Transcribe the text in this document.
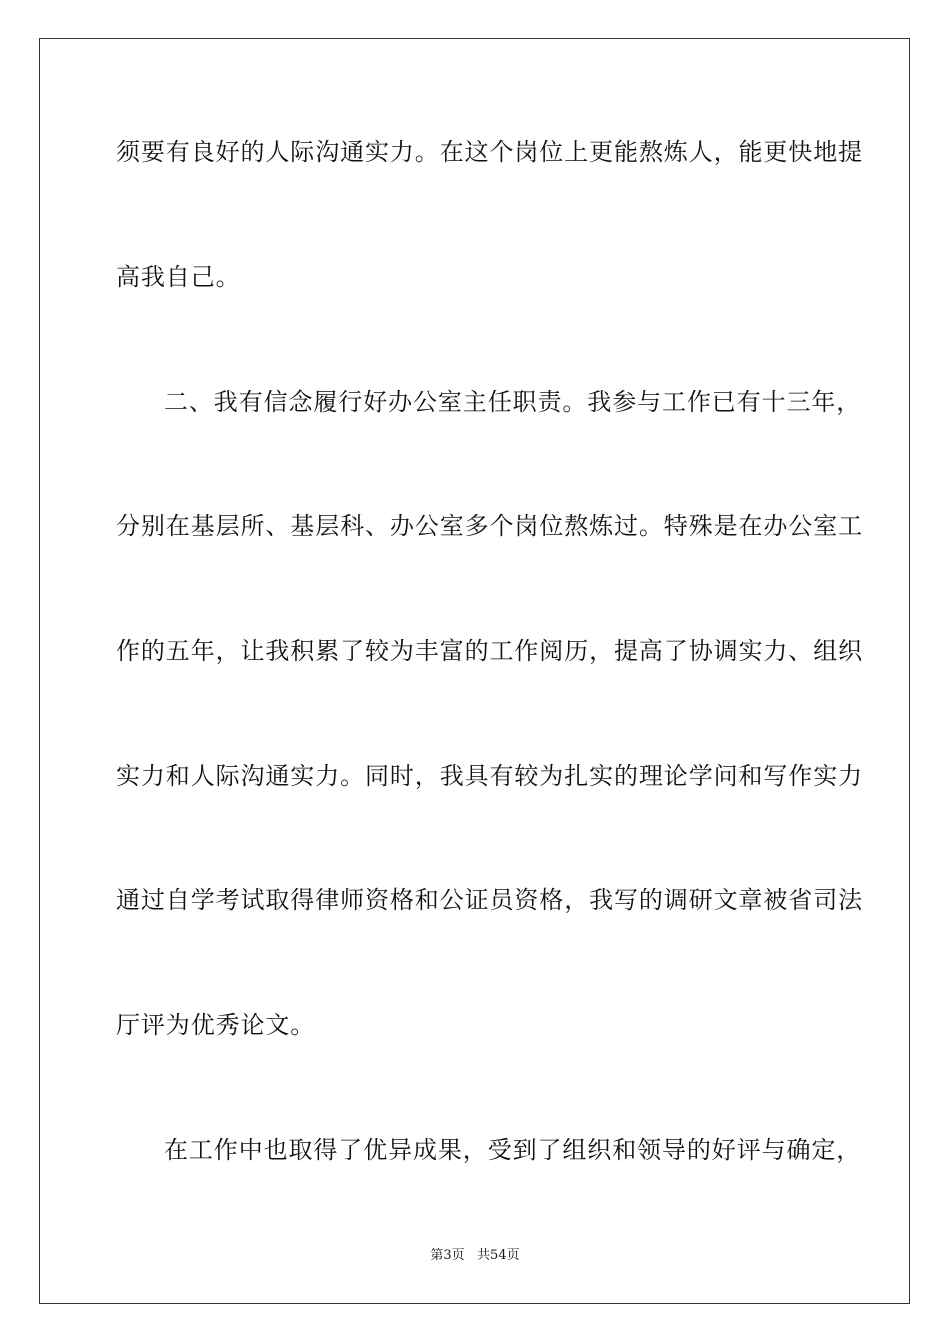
须要有良好的人际沟通实力。在这个岗位上更能熬炼人，能更快地提
高我自己。
二、我有信念履行好办公室主任职责。我参与工作已有十三年，
分别在基层所、基层科、办公室多个岗位熬炼过。特殊是在办公室工
作的五年，让我积累了较为丰富的工作阅历，提高了协调实力、组织
实力和人际沟通实力。同时，我具有较为扎实的理论学问和写作实力
通过自学考试取得律师资格和公证员资格，我写的调研文章被省司法
厅评为优秀论文。
在工作中也取得了优异成果，受到了组织和领导的好评与确定，
第3页   共54页
